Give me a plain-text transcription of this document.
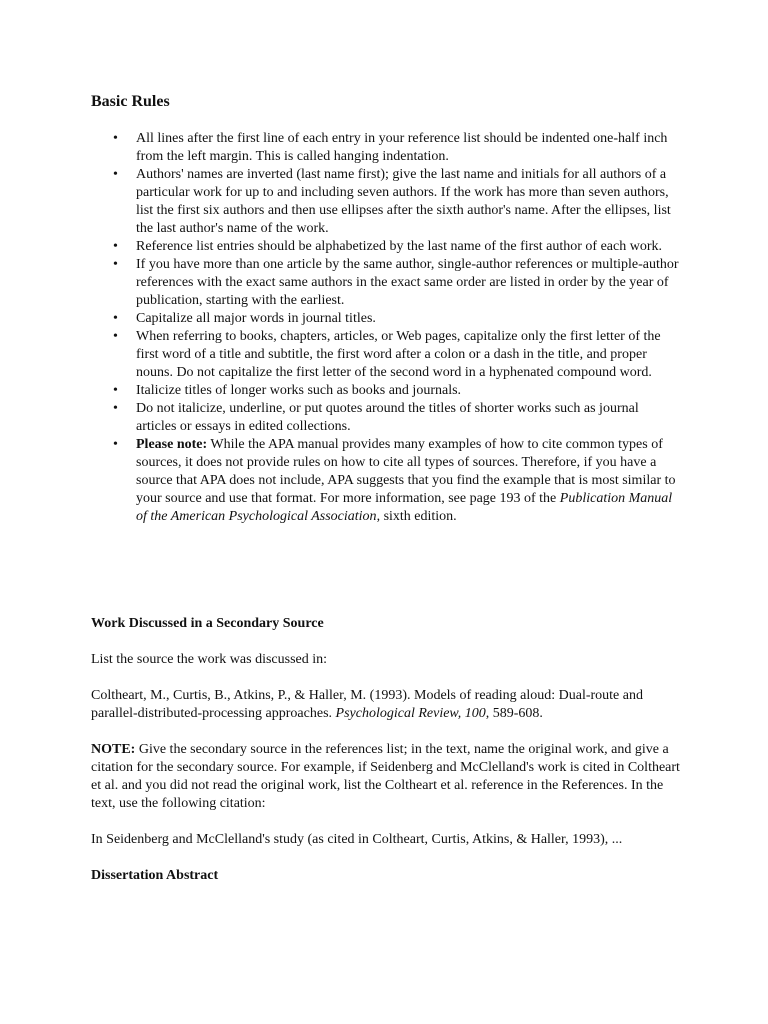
Basic Rules
• All lines after the first line of each entry in your reference list should be indented one-half inch from the left margin. This is called hanging indentation.
• Authors' names are inverted (last name first); give the last name and initials for all authors of a particular work for up to and including seven authors. If the work has more than seven authors, list the first six authors and then use ellipses after the sixth author's name. After the ellipses, list the last author's name of the work.
• Reference list entries should be alphabetized by the last name of the first author of each work.
• If you have more than one article by the same author, single-author references or multiple-author references with the exact same authors in the exact same order are listed in order by the year of publication, starting with the earliest.
• Capitalize all major words in journal titles.
• When referring to books, chapters, articles, or Web pages, capitalize only the first letter of the first word of a title and subtitle, the first word after a colon or a dash in the title, and proper nouns. Do not capitalize the first letter of the second word in a hyphenated compound word.
• Italicize titles of longer works such as books and journals.
• Do not italicize, underline, or put quotes around the titles of shorter works such as journal articles or essays in edited collections.
• Please note: While the APA manual provides many examples of how to cite common types of sources, it does not provide rules on how to cite all types of sources. Therefore, if you have a source that APA does not include, APA suggests that you find the example that is most similar to your source and use that format. For more information, see page 193 of the Publication Manual of the American Psychological Association, sixth edition.
Work Discussed in a Secondary Source

List the source the work was discussed in:

Coltheart, M., Curtis, B., Atkins, P., & Haller, M. (1993). Models of reading aloud: Dual-route and parallel-distributed-processing approaches. Psychological Review, 100, 589-608.

NOTE: Give the secondary source in the references list; in the text, name the original work, and give a citation for the secondary source. For example, if Seidenberg and McClelland's work is cited in Coltheart et al. and you did not read the original work, list the Coltheart et al. reference in the References. In the text, use the following citation:

In Seidenberg and McClelland's study (as cited in Coltheart, Curtis, Atkins, & Haller, 1993), ...

Dissertation Abstract
